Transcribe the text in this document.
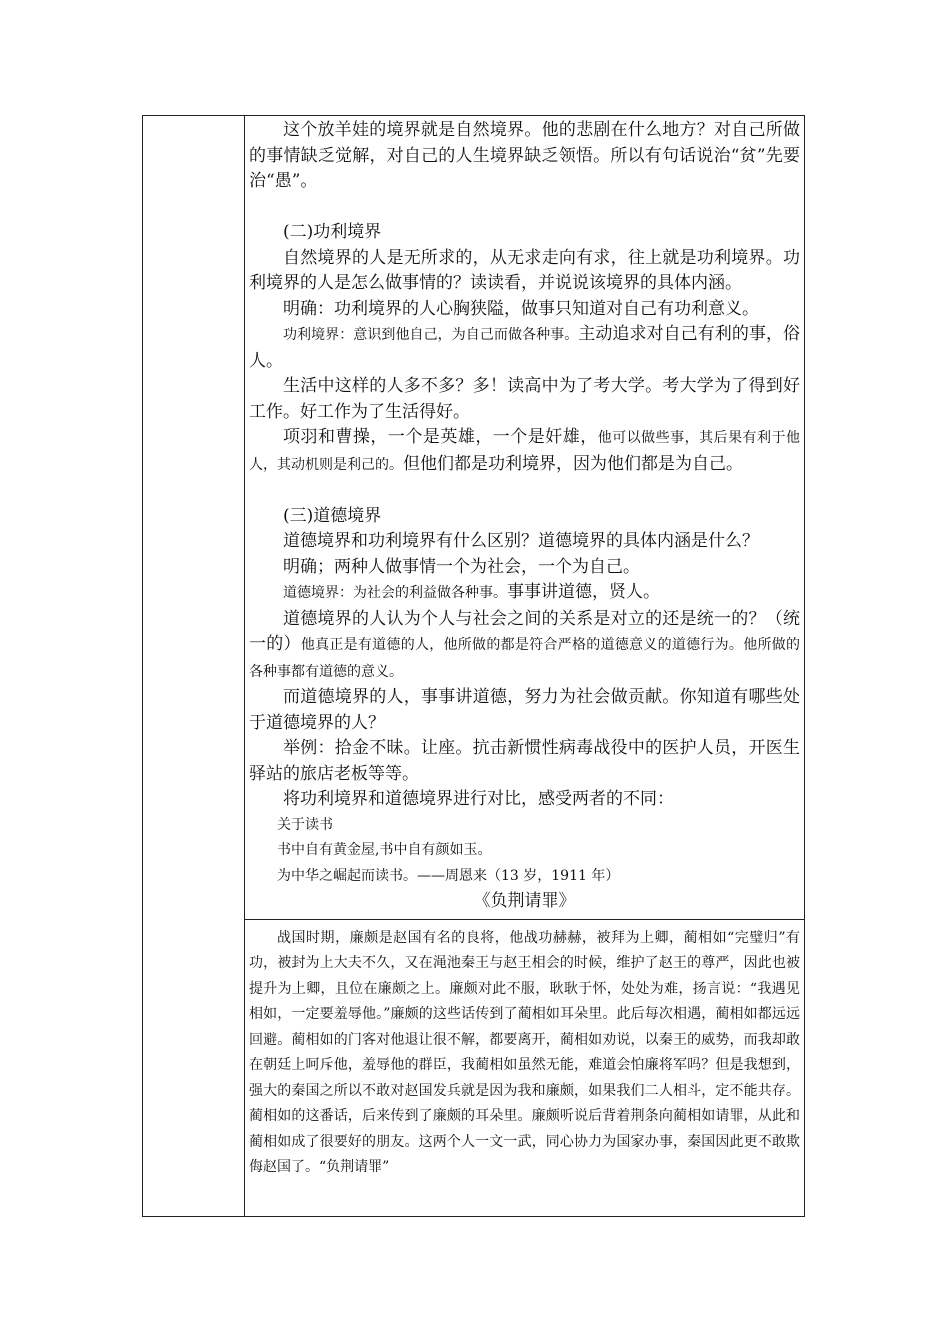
这个放羊娃的境界就是自然境界。他的悲剧在什么地方？对自己所做的事情缺乏觉解，对自己的人生境界缺乏领悟。所以有句话说治“贫”先要治“愚”。

(二)功利境界

自然境界的人是无所求的，从无求走向有求，往上就是功利境界。功利境界的人是怎么做事情的？读读看，并说说该境界的具体内涵。

明确：功利境界的人心胸狭隘，做事只知道对自己有功利意义。

功利境界：意识到他自己，为自己而做各种事。主动追求对自己有利的事，俗人。

生活中这样的人多不多？多！读高中为了考大学。考大学为了得到好工作。好工作为了生活得好。

项羽和曹操，一个是英雄，一个是奸雄，他可以做些事，其后果有利于他人，其动机则是利己的。但他们都是功利境界，因为他们都是为自己。

(三)道德境界

道德境界和功利境界有什么区别？道德境界的具体内涵是什么？

明确；两种人做事情一个为社会，一个为自己。

道德境界：为社会的利益做各种事。事事讲道德，贤人。

道德境界的人认为个人与社会之间的关系是对立的还是统一的？（统一的）他真正是有道德的人，他所做的都是符合严格的道德意义的道德行为。他所做的各种事都有道德的意义。

而道德境界的人，事事讲道德，努力为社会做贡献。你知道有哪些处于道德境界的人？

举例：拾金不昧。让座。抗击新惯性病毒战役中的医护人员，开医生驿站的旅店老板等等。

将功利境界和道德境界进行对比，感受两者的不同：

关于读书

书中自有黄金屋,书中自有颜如玉。

为中华之崛起而读书。——周恩来（13 岁，1911 年）

《负荆请罪》

战国时期，廉颇是赵国有名的良将，他战功赫赫，被拜为上卿，蔺相如“完璧归”有功，被封为上大夫不久，又在渑池秦王与赵王相会的时候，维护了赵王的尊严，因此也被提升为上卿，且位在廉颇之上。廉颇对此不服，耿耿于怀，处处为难，扬言说：“我遇见相如，一定要羞辱他。”廉颇的这些话传到了蔺相如耳朵里。此后每次相遇，蔺相如都远远回避。蔺相如的门客对他退让很不解，都要离开，蔺相如劝说，以秦王的威势，而我却敢在朝廷上呵斥他，羞辱他的群臣，我蔺相如虽然无能，难道会怕廉将军吗？但是我想到，强大的秦国之所以不敢对赵国发兵就是因为我和廉颇，如果我们二人相斗，定不能共存。蔺相如的这番话，后来传到了廉颇的耳朵里。廉颇听说后背着荆条向蔺相如请罪，从此和蔺相如成了很要好的朋友。这两个人一文一武，同心协力为国家办事，秦国因此更不敢欺侮赵国了。“负荆请罪”
